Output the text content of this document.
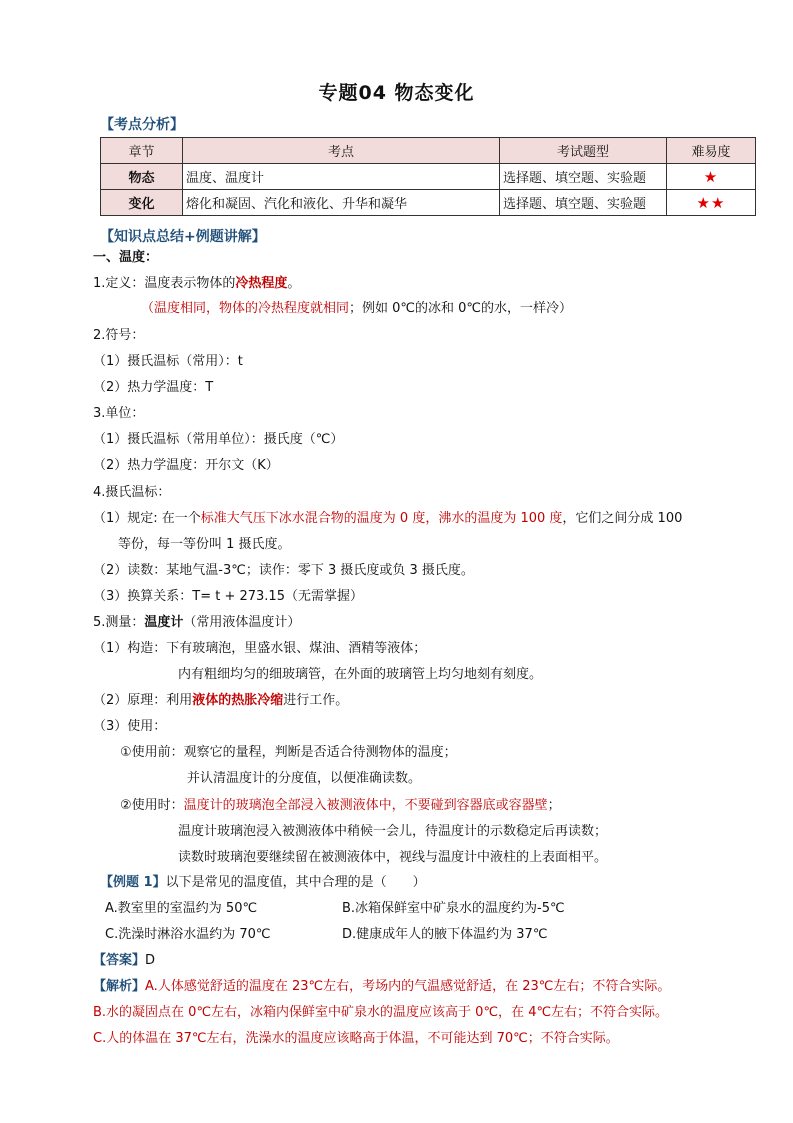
专题04 物态变化
【考点分析】
章节	考点	考试题型	难易度
物态	温度、温度计	选择题、填空题、实验题	★
变化	熔化和凝固、汽化和液化、升华和凝华	选择题、填空题、实验题	★★
【知识点总结+例题讲解】
一、温度：
1.定义：温度表示物体的冷热程度。
（温度相同，物体的冷热程度就相同；例如 0℃的冰和 0℃的水，一样冷）
2.符号：
（1）摄氏温标（常用）：t
（2）热力学温度：T
3.单位：
（1）摄氏温标（常用单位）：摄氏度（℃）
（2）热力学温度：开尔文（K）
4.摄氏温标：
（1）规定: 在一个标准大气压下冰水混合物的温度为 0 度，沸水的温度为 100 度，它们之间分成 100
等份，每一等份叫 1 摄氏度。
（2）读数：某地气温-3℃；读作：零下 3 摄氏度或负 3 摄氏度。
（3）换算关系：T= t + 273.15（无需掌握）
5.测量：温度计（常用液体温度计）
（1）构造：下有玻璃泡，里盛水银、煤油、酒精等液体；
内有粗细均匀的细玻璃管，在外面的玻璃管上均匀地刻有刻度。
（2）原理：利用液体的热胀冷缩进行工作。
（3）使用：
①使用前：观察它的量程，判断是否适合待测物体的温度；
并认清温度计的分度值，以便准确读数。
②使用时：温度计的玻璃泡全部浸入被测液体中，不要碰到容器底或容器壁；
温度计玻璃泡浸入被测液体中稍候一会儿，待温度计的示数稳定后再读数；
读数时玻璃泡要继续留在被测液体中，视线与温度计中液柱的上表面相平。
【例题 1】以下是常见的温度值，其中合理的是（　　）
A.教室里的室温约为 50℃	B.冰箱保鲜室中矿泉水的温度约为-5℃
C.洗澡时淋浴水温约为 70℃	D.健康成年人的腋下体温约为 37℃
【答案】D
【解析】A.人体感觉舒适的温度在 23℃左右，考场内的气温感觉舒适，在 23℃左右；不符合实际。
B.水的凝固点在 0℃左右，冰箱内保鲜室中矿泉水的温度应该高于 0℃，在 4℃左右；不符合实际。
C.人的体温在 37℃左右，洗澡水的温度应该略高于体温，不可能达到 70℃；不符合实际。
